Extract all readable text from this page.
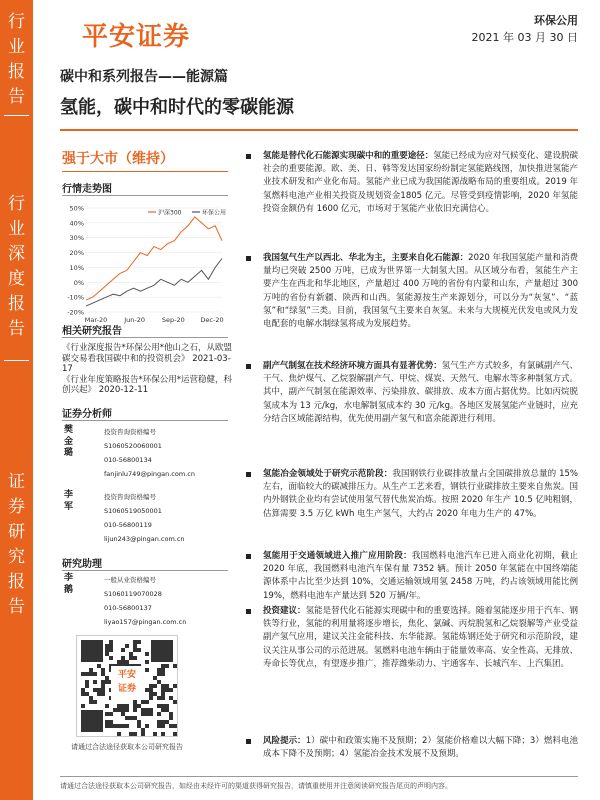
行业报告
行业深度报告
证券研究报告
平安证券
环保公用
2021 年 03 月 30 日
碳中和系列报告——能源篇
氢能，碳中和时代的零碳能源
强于大市（维持）
行情走势图
-20%
-10%
0%
10%
20%
30%
40%
50%
Mar-20	Jun-20	Sep-20 Dec-20
沪深300	环保公用
相关研究报告
《行业深度报告*环保公用*他山之石，从欧盟碳交易看我国碳中和的投资机会》 2021-03-17
《行业年度策略报告*环保公用*运营稳健，科创兴起》 2020-12-11
证券分析师
樊金璐
投资咨询资格编号
S1060520060001
010-56800134
fanjinlu749@pingan.com.cn
李军
投资咨询资格编号
S1060519050001
010-56800119
lijun243@pingan.com.cn
研究助理
李鹅
一般从业资格编号
S1060119070028
010-56800137
liyao157@pingan.com.cn
平安
证券
请通过合法途径获取本公司研究报告
氢能是替代化石能源实现碳中和的重要途径：氢能已经成为应对气候变化、建设脱碳社会的重要能源。欧、美、日、韩等发达国家纷纷制定氢能路线图，加快推进氢能产业技术研发和产业化布局。氢能产业已成为我国能源战略布局的重要组成。2019 年氢燃料电池产业相关投资及规划资金1805 亿元。尽管受到疫情影响，2020 年氢能投资金额仍有 1600 亿元，市场对于氢能产业依旧充满信心。
我国氢气生产以西北、华北为主，主要来自化石能源：2020 年我国氢能产量和消费量均已突破 2500 万吨，已成为世界第一大制氢大国。从区域分布看，氢能生产主要产生在西北和华北地区，产量超过 400 万吨的省份有内蒙和山东，产量超过 300 万吨的省份有新疆、陕西和山西。氢能源按生产来源划分，可以分为“灰氢”、“蓝氢”和“绿氢”三类。目前，我国氢气主要来自灰氢。未来与大规模光伏发电或风力发电配套的电解水制绿氢将成为发展趋势。
副产气制氢在技术经济环境方面具有显著优势：氢气生产方式较多，有氯碱副产气、干气、焦炉煤气、乙烷裂解副产气、甲烷、煤炭、天然气、电解水等多种制氢方式。其中，副产气制氢在能源效率、污染排放、碳排放、成本方面占据优势。比如丙烷脱氢成本为 13 元/kg，水电解制氢成本约 30 元/kg。各地区发展氢能产业链时，应充分结合区域能源结构，优先使用副产氢气和富余能源进行利用。
氢能冶金领域处于研究示范阶段：我国钢铁行业碳排放量占全国碳排放总量的 15%左右，面临较大的碳减排压力。从生产工艺来看，钢铁行业碳排放主要来自焦炭。国内外钢铁企业均有尝试使用氢气替代焦炭冶炼。按照 2020 年生产 10.5 亿吨粗钢，估算需要 3.5 万亿 kWh 电生产氢气，大约占 2020 年电力生产的 47%。
氢能用于交通领域进入推广应用阶段：我国燃料电池汽车已进入商业化初期，截止 2020 年底，我国燃料电池汽车保有量 7352 辆。预计 2050 年氢能在中国终端能源体系中占比至少达到 10%，交通运输领域用氢 2458 万吨，约占该领域用能比例 19%，燃料电池车产量达到 520 万辆/年。
投资建议：氢能是替代化石能源实现碳中和的重要选择。随着氢能逐步用于汽车、钢铁等行业，氢能的利用量将逐步增长，焦化、氯碱、丙烷脱氢和乙烷裂解等产业受益副产氢气应用，建议关注金能科技、东华能源。氢能炼钢还处于研究和示范阶段，建议关注从事公司的示范进展。氢燃料电池车辆由于能量效率高、安全性高、无排放、寿命长等优点，有望逐步推广，推荐潍柴动力、宇通客车、长城汽车、上汽集团。
风险提示：1）碳中和政策实施不及预期；2）氢能价格难以大幅下降；3）燃料电池成本下降不及预期；4）氢能冶金技术发展不及预期。
请通过合法途径获取本公司研究报告，如经由未经许可的渠道获得研究报告，请慎重使用并注意阅读研究报告尾页的声明内容。
